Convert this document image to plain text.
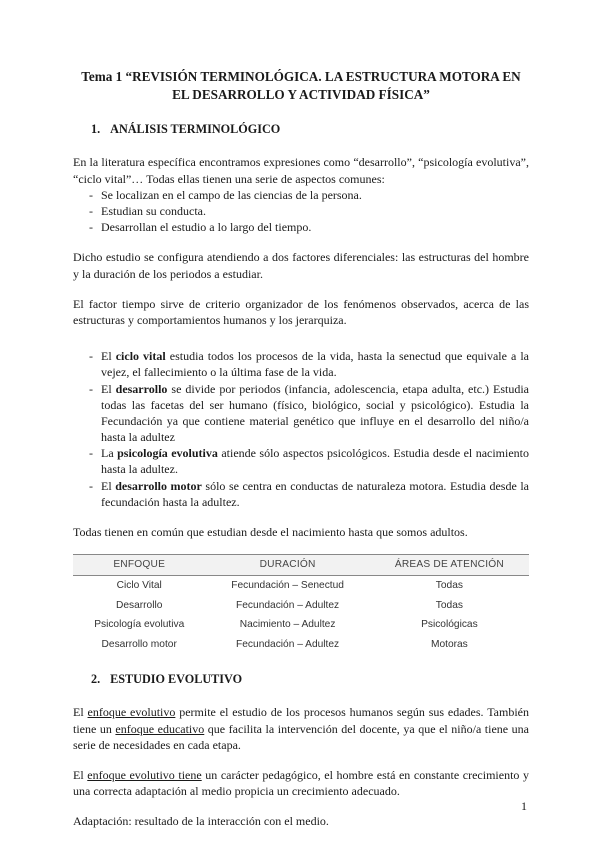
Tema 1 “REVISIÓN TERMINOLÓGICA. LA ESTRUCTURA MOTORA EN EL DESARROLLO Y ACTIVIDAD FÍSICA”
1. ANÁLISIS TERMINOLÓGICO

En la literatura específica encontramos expresiones como “desarrollo”, “psicología evolutiva”, “ciclo vital”… Todas ellas tienen una serie de aspectos comunes:

- Se localizan en el campo de las ciencias de la persona.
- Estudian su conducta.
- Desarrollan el estudio a lo largo del tiempo.

Dicho estudio se configura atendiendo a dos factores diferenciales: las estructuras del hombre y la duración de los periodos a estudiar.

El factor tiempo sirve de criterio organizador de los fenómenos observados, acerca de las estructuras y comportamientos humanos y los jerarquiza.

- El ciclo vital estudia todos los procesos de la vida, hasta la senectud que equivale a la vejez, el fallecimiento o la última fase de la vida.
- El desarrollo se divide por periodos (infancia, adolescencia, etapa adulta, etc.) Estudia todas las facetas del ser humano (físico, biológico, social y psicológico). Estudia la Fecundación ya que contiene material genético que influye en el desarrollo del niño/a hasta la adultez
- La psicología evolutiva atiende sólo aspectos psicológicos. Estudia desde el nacimiento hasta la adultez.
- El desarrollo motor sólo se centra en conductas de naturaleza motora. Estudia desde la fecundación hasta la adultez.

Todas tienen en común que estudian desde el nacimiento hasta que somos adultos.

ENFOQUE	DURACIÓN	ÁREAS DE ATENCIÓN
Ciclo Vital	Fecundación – Senectud	Todas
Desarrollo	Fecundación – Adultez	Todas
Psicología evolutiva	Nacimiento – Adultez	Psicológicas
Desarrollo motor	Fecundación – Adultez	Motoras
2. ESTUDIO EVOLUTIVO

El enfoque evolutivo permite el estudio de los procesos humanos según sus edades. También tiene un enfoque educativo que facilita la intervención del docente, ya que el niño/a tiene una serie de necesidades en cada etapa.

El enfoque evolutivo tiene un carácter pedagógico, el hombre está en constante crecimiento y una correcta adaptación al medio propicia un crecimiento adecuado.

Adaptación: resultado de la interacción con el medio.

1
